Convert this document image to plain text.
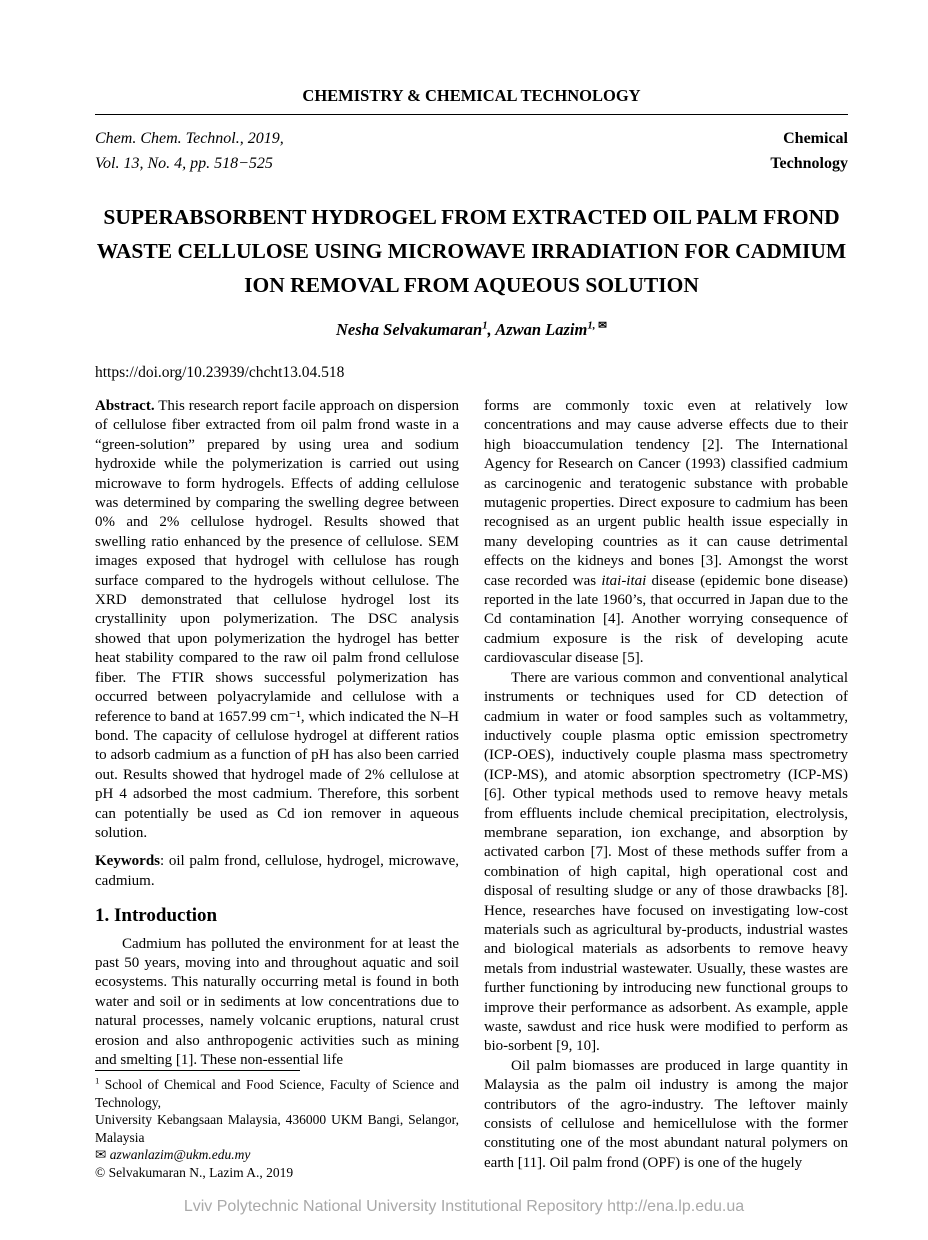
CHEMISTRY & CHEMICAL TECHNOLOGY
Chem. Chem. Technol., 2019,
Vol. 13, No. 4, pp. 518−525
Chemical
Technology
SUPERABSORBENT HYDROGEL FROM EXTRACTED OIL PALM FROND WASTE CELLULOSE USING MICROWAVE IRRADIATION FOR CADMIUM ION REMOVAL FROM AQUEOUS SOLUTION
Nesha Selvakumaran$^1$, Azwan Lazim$^{1, ✉}$
https://doi.org/10.23939/chcht13.04.518

Abstract. This research report facile approach on dispersion of cellulose fiber extracted from oil palm frond waste in a “green-solution” prepared by using urea and sodium hydroxide while the polymerization is carried out using microwave to form hydrogels. Effects of adding cellulose was determined by comparing the swelling degree between 0% and 2% cellulose hydrogel. Results showed that swelling ratio enhanced by the presence of cellulose. SEM images exposed that hydrogel with cellulose has rough surface compared to the hydrogels without cellulose. The XRD demonstrated that cellulose hydrogel lost its crystallinity upon polymerization. The DSC analysis showed that upon polymerization the hydrogel has better heat stability compared to the raw oil palm frond cellulose fiber. The FTIR shows successful polymerization has occurred between polyacrylamide and cellulose with a reference to band at 1657.99 cm⁻¹, which indicated the N–H bond. The capacity of cellulose hydrogel at different ratios to adsorb cadmium as a function of pH has also been carried out. Results showed that hydrogel made of 2% cellulose at pH 4 adsorbed the most cadmium. Therefore, this sorbent can potentially be used as Cd ion remover in aqueous solution.

Keywords: oil palm frond, cellulose, hydrogel, microwave, cadmium.

1. Introduction

Cadmium has polluted the environment for at least the past 50 years, moving into and throughout aquatic and soil ecosystems. This naturally occurring metal is found in both water and soil or in sediments at low concentrations due to natural processes, namely volcanic eruptions, natural crust erosion and also anthropogenic activities such as mining and smelting [1]. These non-essential life

$^1$ School of Chemical and Food Science, Faculty of Science and Technology,
University Kebangsaan Malaysia, 436000 UKM Bangi, Selangor, Malaysia
✉ azwanlazim@ukm.edu.my
© Selvakumaran N., Lazim A., 2019

forms are commonly toxic even at relatively low concentrations and may cause adverse effects due to their high bioaccumulation tendency [2]. The International Agency for Research on Cancer (1993) classified cadmium as carcinogenic and teratogenic substance with probable mutagenic properties. Direct exposure to cadmium has been recognised as an urgent public health issue especially in many developing countries as it can cause detrimental effects on the kidneys and bones [3]. Amongst the worst case recorded was itai-itai disease (epidemic bone disease) reported in the late 1960’s, that occurred in Japan due to the Cd contamination [4]. Another worrying consequence of cadmium exposure is the risk of developing acute cardiovascular disease [5].

There are various common and conventional analytical instruments or techniques used for CD detection of cadmium in water or food samples such as voltammetry, inductively couple plasma optic emission spectrometry (ICP-OES), inductively couple plasma mass spectrometry (ICP-MS), and atomic absorption spectrometry (ICP-MS) [6]. Other typical methods used to remove heavy metals from effluents include chemical precipitation, electrolysis, membrane separation, ion exchange, and absorption by activated carbon [7]. Most of these methods suffer from a combination of high capital, high operational cost and disposal of resulting sludge or any of those drawbacks [8]. Hence, researches have focused on investigating low-cost materials such as agricultural by-products, industrial wastes and biological materials as adsorbents to remove heavy metals from industrial wastewater. Usually, these wastes are further functioning by introducing new functional groups to improve their performance as adsorbent. As example, apple waste, sawdust and rice husk were modified to perform as bio-sorbent [9, 10].

Oil palm biomasses are produced in large quantity in Malaysia as the palm oil industry is among the major contributors of the agro-industry. The leftover mainly consists of cellulose and hemicellulose with the former constituting one of the most abundant natural polymers on earth [11]. Oil palm frond (OPF) is one of the hugely

Lviv Polytechnic National University Institutional Repository http://ena.lp.edu.ua
